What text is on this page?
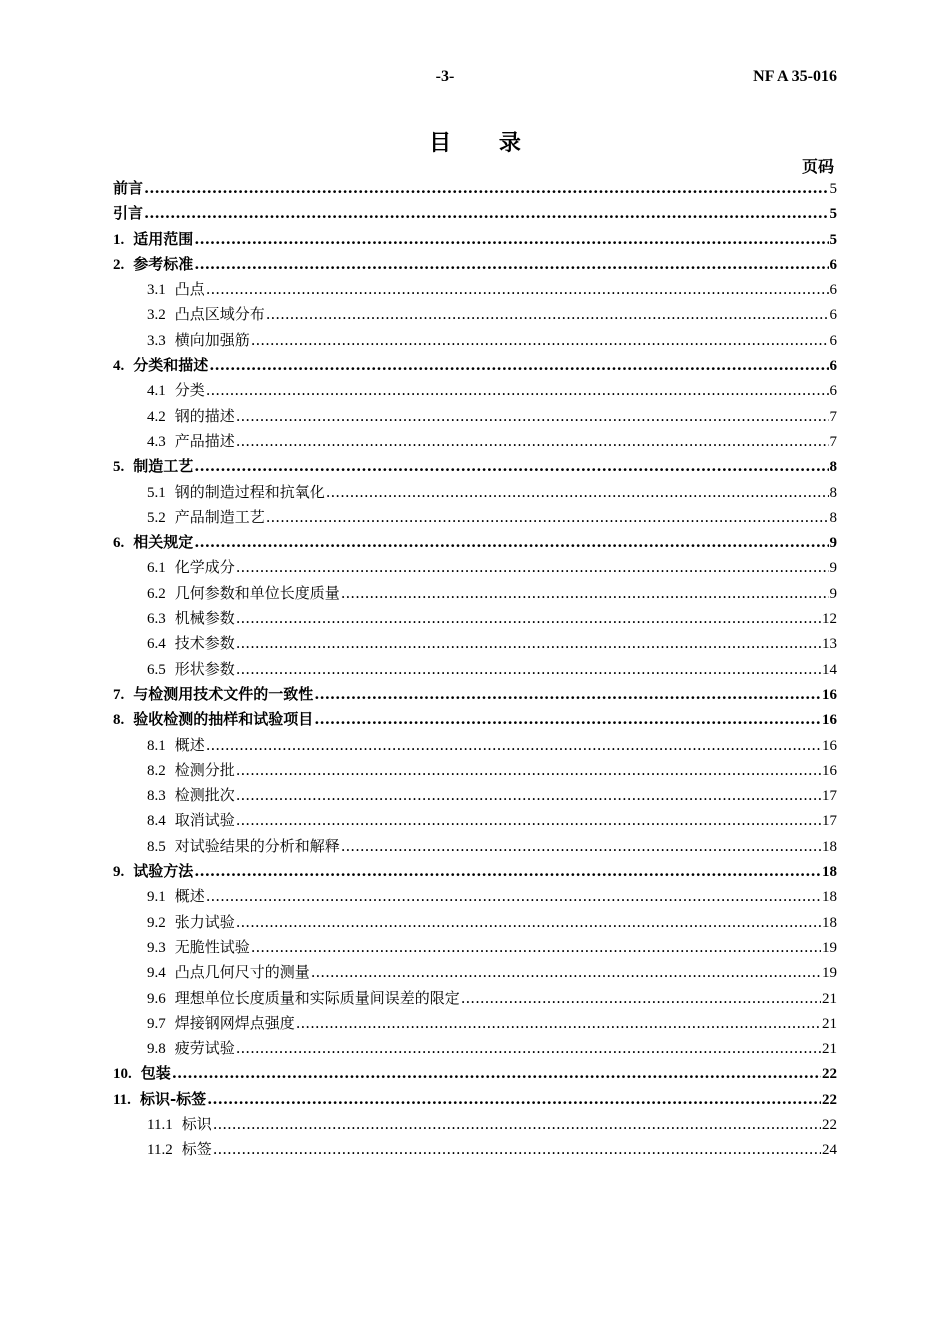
-3-	NF A 35-016
目 录
页码
前言 .....	5
引言 .....	5
1. 适用范围 .....	5
2. 参考标准 .....	6
3.1 凸点 .....	6
3.2 凸点区域分布 .....	6
3.3 横向加强筋 .....	6
4. 分类和描述 .....	6
4.1 分类 .....	6
4.2 钢的描述 .....	7
4.3 产品描述 .....	7
5. 制造工艺 .....	8
5.1 钢的制造过程和抗氧化 .....	8
5.2 产品制造工艺 .....	8
6. 相关规定 .....	9
6.1 化学成分 .....	9
6.2 几何参数和单位长度质量 .....	9
6.3 机械参数 .....	12
6.4 技术参数 .....	13
6.5 形状参数 .....	14
7. 与检测用技术文件的一致性 .....	16
8. 验收检测的抽样和试验项目 .....	16
8.1 概述 .....	16
8.2 检测分批 .....	16
8.3 检测批次 .....	17
8.4 取消试验 .....	17
8.5 对试验结果的分析和解释 .....	18
9. 试验方法 .....	18
9.1 概述 .....	18
9.2 张力试验 .....	18
9.3 无脆性试验 .....	19
9.4 凸点几何尺寸的测量 .....	19
9.6 理想单位长度质量和实际质量间误差的限定 .....	21
9.7 焊接钢网焊点强度 .....	21
9.8 疲劳试验 .....	21
10. 包装 .....	22
11. 标识-标签 .....	22
11.1 标识 .....	22
11.2 标签 .....	24
